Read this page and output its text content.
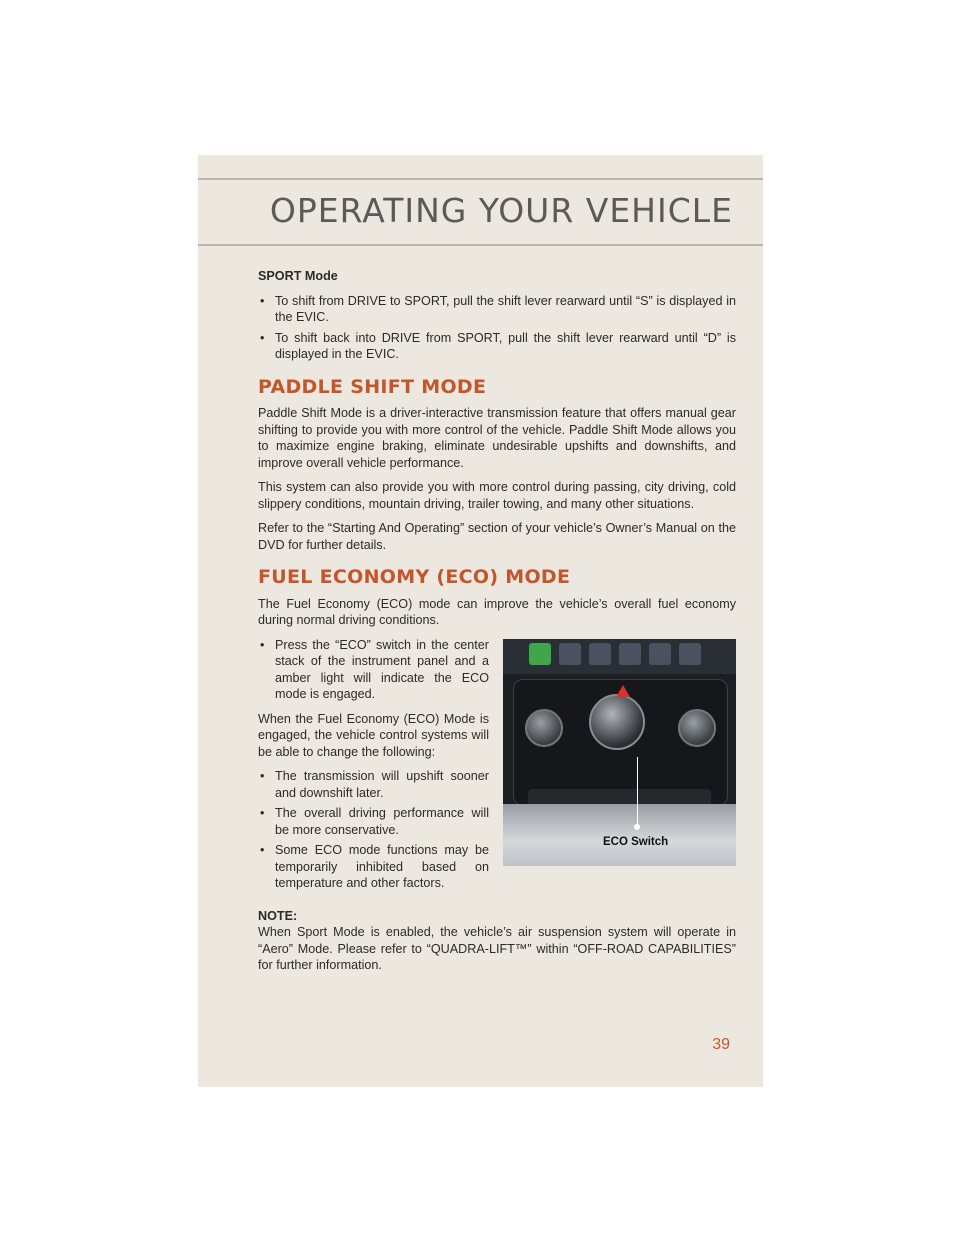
OPERATING YOUR VEHICLE
SPORT Mode
• To shift from DRIVE to SPORT, pull the shift lever rearward until “S” is displayed in the EVIC.
• To shift back into DRIVE from SPORT, pull the shift lever rearward until “D” is displayed in the EVIC.
PADDLE SHIFT MODE

Paddle Shift Mode is a driver-interactive transmission feature that offers manual gear shifting to provide you with more control of the vehicle. Paddle Shift Mode allows you to maximize engine braking, eliminate undesirable upshifts and downshifts, and improve overall vehicle performance.

This system can also provide you with more control during passing, city driving, cold slippery conditions, mountain driving, trailer towing, and many other situations.

Refer to the “Starting And Operating” section of your vehicle’s Owner’s Manual on the DVD for further details.

FUEL ECONOMY (ECO) MODE

The Fuel Economy (ECO) mode can improve the vehicle’s overall fuel economy during normal driving conditions.

ECO Switch
• Press the “ECO” switch in the center stack of the instrument panel and a amber light will indicate the ECO mode is engaged.

When the Fuel Economy (ECO) Mode is engaged, the vehicle control systems will be able to change the following:

• The transmission will upshift sooner and downshift later.
• The overall driving performance will be more conservative.
• Some ECO mode functions may be temporarily inhibited based on temperature and other factors.
NOTE:

When Sport Mode is enabled, the vehicle’s air suspension system will operate in “Aero” Mode. Please refer to “QUADRA-LIFT™” within “OFF-ROAD CAPABILITIES” for further information.

39
